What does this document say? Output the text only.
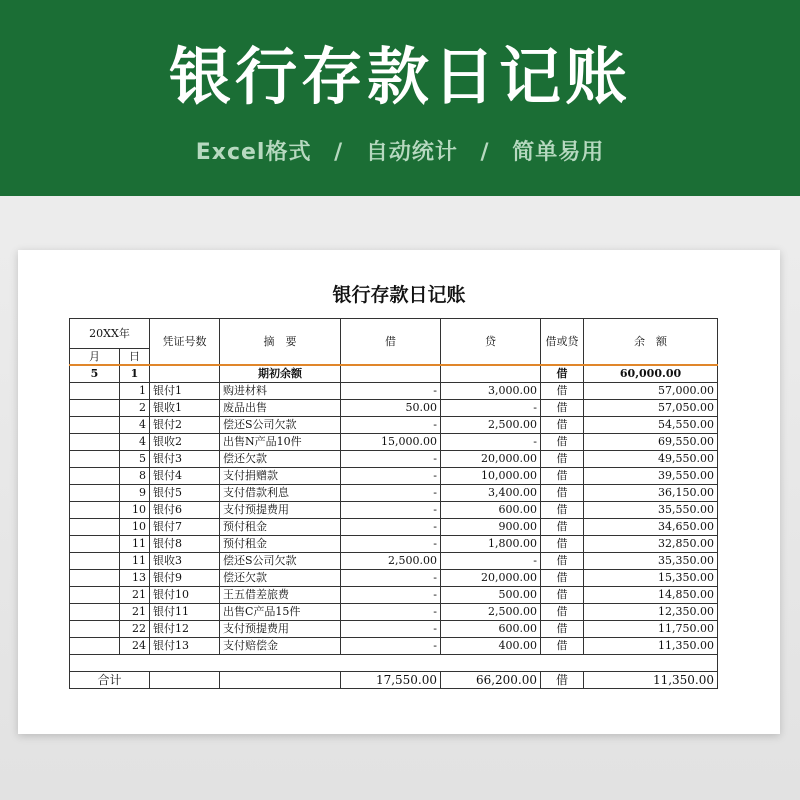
银行存款日记账
Excel格式 / 自动统计 / 简单易用
银行存款日记账
20XX年		凭证号数	摘　要	借	贷	借或贷	余　额
月	日						
5	1		期初余额			借	60,000.00
	1	银付1	购进材料	-	3,000.00	借	57,000.00
	2	银收1	废品出售	50.00	-	借	57,050.00
	4	银付2	偿还S公司欠款	-	2,500.00	借	54,550.00
	4	银收2	出售N产品10件	15,000.00	-	借	69,550.00
	5	银付3	偿还欠款	-	20,000.00	借	49,550.00
	8	银付4	支付捐赠款	-	10,000.00	借	39,550.00
	9	银付5	支付借款利息	-	3,400.00	借	36,150.00
	10	银付6	支付预提费用	-	600.00	借	35,550.00
	10	银付7	预付租金	-	900.00	借	34,650.00
	11	银付8	预付租金	-	1,800.00	借	32,850.00
	11	银收3	偿还S公司欠款	2,500.00	-	借	35,350.00
	13	银付9	偿还欠款	-	20,000.00	借	15,350.00
	21	银付10	王五借差旅费	-	500.00	借	14,850.00
	21	银付11	出售C产品15件	-	2,500.00	借	12,350.00
	22	银付12	支付预提费用	-	600.00	借	11,750.00
	24	银付13	支付赔偿金	-	400.00	借	11,350.00

合计				17,550.00	66,200.00	借	11,350.00
